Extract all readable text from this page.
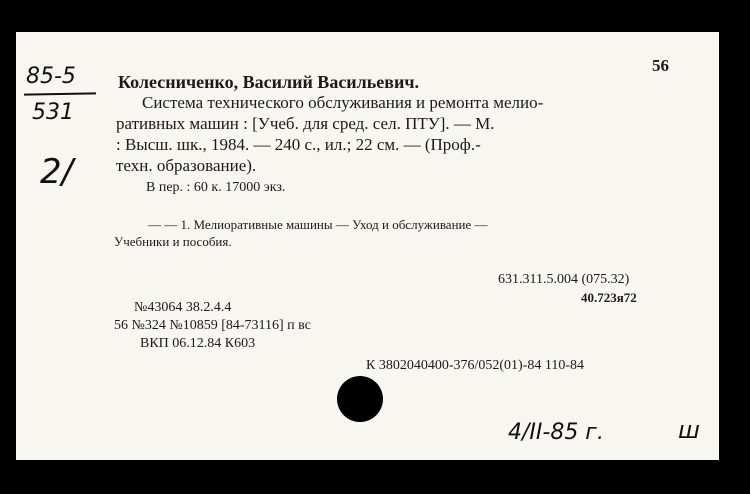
85-5
531
2/
56
Колесниченко, Василий Васильевич.
Система технического обслуживания и ремонта мелио-
ративных машин : [Учеб. для сред. сел. ПТУ]. — М.
: Высш. шк., 1984. — 240 с., ил.; 22 см. — (Проф.-
техн. образование).
В пер. : 60 к. 17000 экз.
— — 1. Мелиоративные машины — Уход и обслуживание —
Учебники и пособия.
631.311.5.004 (075.32)
40.723я72
№43064 38.2.4.4
56 №324 №10859 [84-73116] п вс
ВКП 06.12.84 К603
К 3802040400-376/052(01)-84 110-84
4/II-85 г.	ш
